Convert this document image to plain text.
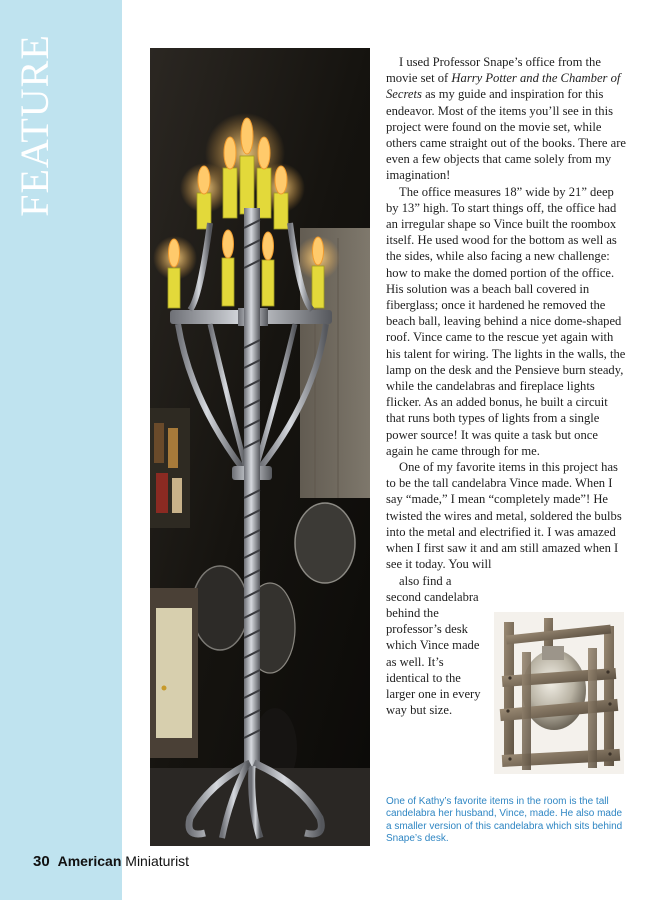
FEATURE	I used Professor Snape’s office from the movie set of Harry Potter and the Chamber of Secrets as my guide and inspiration for this endeavor. Most of the items you’ll see in this project were found on the movie set, while others came straight out of the books. There are even a few objects that came solely from my imagination!

The office measures 18” wide by 21” deep by 13” high. To start things off, the office had an irregular shape so Vince built the roombox itself. He used wood for the bottom as well as the sides, while also facing a new challenge: how to make the domed portion of the office. His solution was a beach ball covered in fiberglass; once it hardened he removed the beach ball, leaving behind a nice dome-shaped roof. Vince came to the rescue yet again with his talent for wiring. The lights in the walls, the lamp on the desk and the Pensieve burn steady, while the candelabras and fireplace lights flicker. As an added bonus, he built a circuit that runs both types of lights from a single power source! It was quite a task but once again he came through for me.

One of my favorite items in this project has to be the tall candelabra Vince made. When I say “made,” I mean “completely made”! He twisted the wires and metal, soldered the bulbs into the metal and electrified it. I was amazed when I first saw it and am still amazed when I see it today. You will

also find a second candelabra behind the professor’s desk which Vince made as well. It’s identical to the larger one in every way but size.

One of Kathy’s favorite items in the room is the tall candelabra her husband, Vince, made. He also made a smaller version of this candelabra which sits behind Snape’s desk.
30 American Miniaturist
